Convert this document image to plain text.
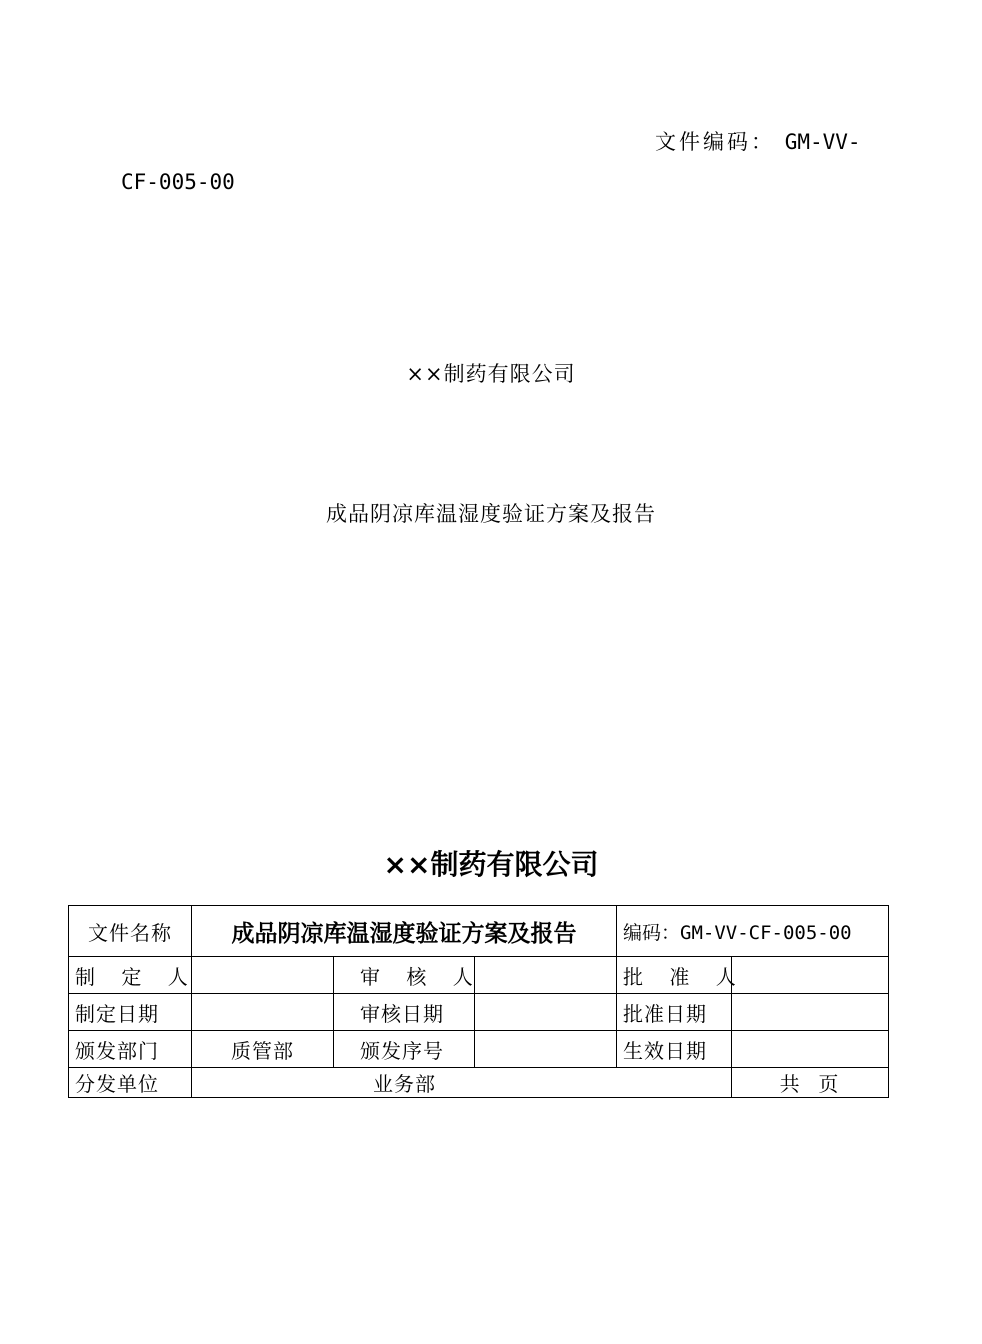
文件编码： GM-VV-
CF-005-00
××制药有限公司
成品阴凉库温湿度验证方案及报告
××制药有限公司
文件名称	成品阴凉库温湿度验证方案及报告			编码：GM-VV-CF-005-00	
制 定 人		审 核 人		批 准 人	
制定日期		审核日期		批准日期	
颁发部门	质管部	颁发序号		生效日期	
分发单位	业务部				共  页
